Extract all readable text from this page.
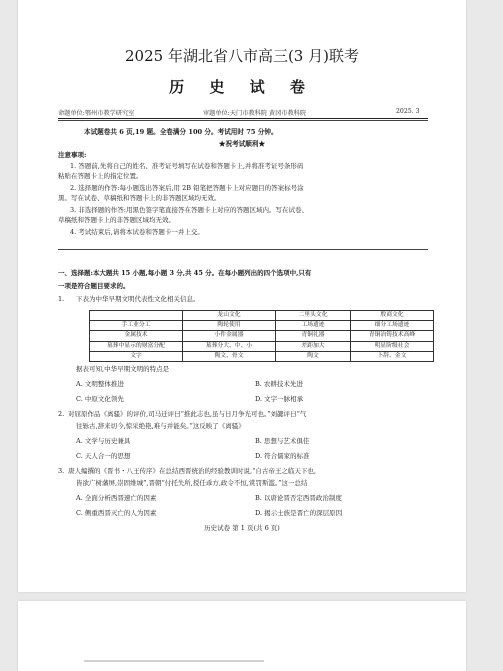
2025 年湖北省八市高三(3 月)联考
历 史 试 卷
命题单位:鄂州市教学研究室	审题单位:天门市教科院 黄冈市教科院	2025. 3
本试题卷共 6 页,19 题。全卷满分 100 分。考试用时 75 分钟。
★祝考试顺利★
注意事项:
1. 答题前,先将自己的姓名、准考证号填写在试卷和答题卡上,并将准考证号条形码
粘贴在答题卡上的指定位置。
2. 选择题的作答:每小题选出答案后,用 2B 铅笔把答题卡上对应题目的答案标号涂
黑。写在试卷、草稿纸和答题卡上的非答题区域均无效。
3. 非选择题的作答:用黑色签字笔直接答在答题卡上对应的答题区域内。写在试卷、
草稿纸和答题卡上的非答题区域均无效。
4. 考试结束后,请将本试卷和答题卡一并上交。
一、选择题:本大题共 15 小题,每小题 3 分,共 45 分。在每小题列出的四个选项中,只有
一项是符合题目要求的。
1. 下表为中华早期文明代表性文化相关信息。
	龙山文化	二里头文化	殷商文化
手工业分工	陶轮使用	工场遗迹	细分工场遗迹
金属技术	小件金属器	青铜礼器	青铜冶铸技术高峰
墓葬中显示的财富分配	墓葬分大、中、小	差距加大	明显阶级社会
文字	陶文、骨文	陶文	卜辞、金文
据表可知,中华早期文明的特点是
A. 文明整体推进	B. 农耕技术先进
C. 中原文化领先	D. 文字一脉相承
2. 对屈原作品《离骚》的评价,司马迁评曰“推此志也,虽与日月争光可也。”刘勰评曰“气
往轹古,辞来切今,惊采绝艳,难与并能矣。”这反映了《离骚》
A. 文学与历史兼具	B. 思想与艺术俱佳
C. 天人合一的思想	D. 符合儒家的标准
3. 唐人编撰的《晋书・八王传序》在总结西晋统治的经验教训时说,“自古帝王之临天下也,
皆欲广树藩屏,崇固维城”,晋朝“付托失所,授任乖方,政令不恒,赏罚斯滥。”这一总结
A. 全面分析西晋速亡的因素	B. 以唐论晋否定西晋政治制度
C. 侧重西晋灭亡的人为因素	D. 揭示士族是晋亡的深层原因
历史试卷 第 1 页(共 6 页)
